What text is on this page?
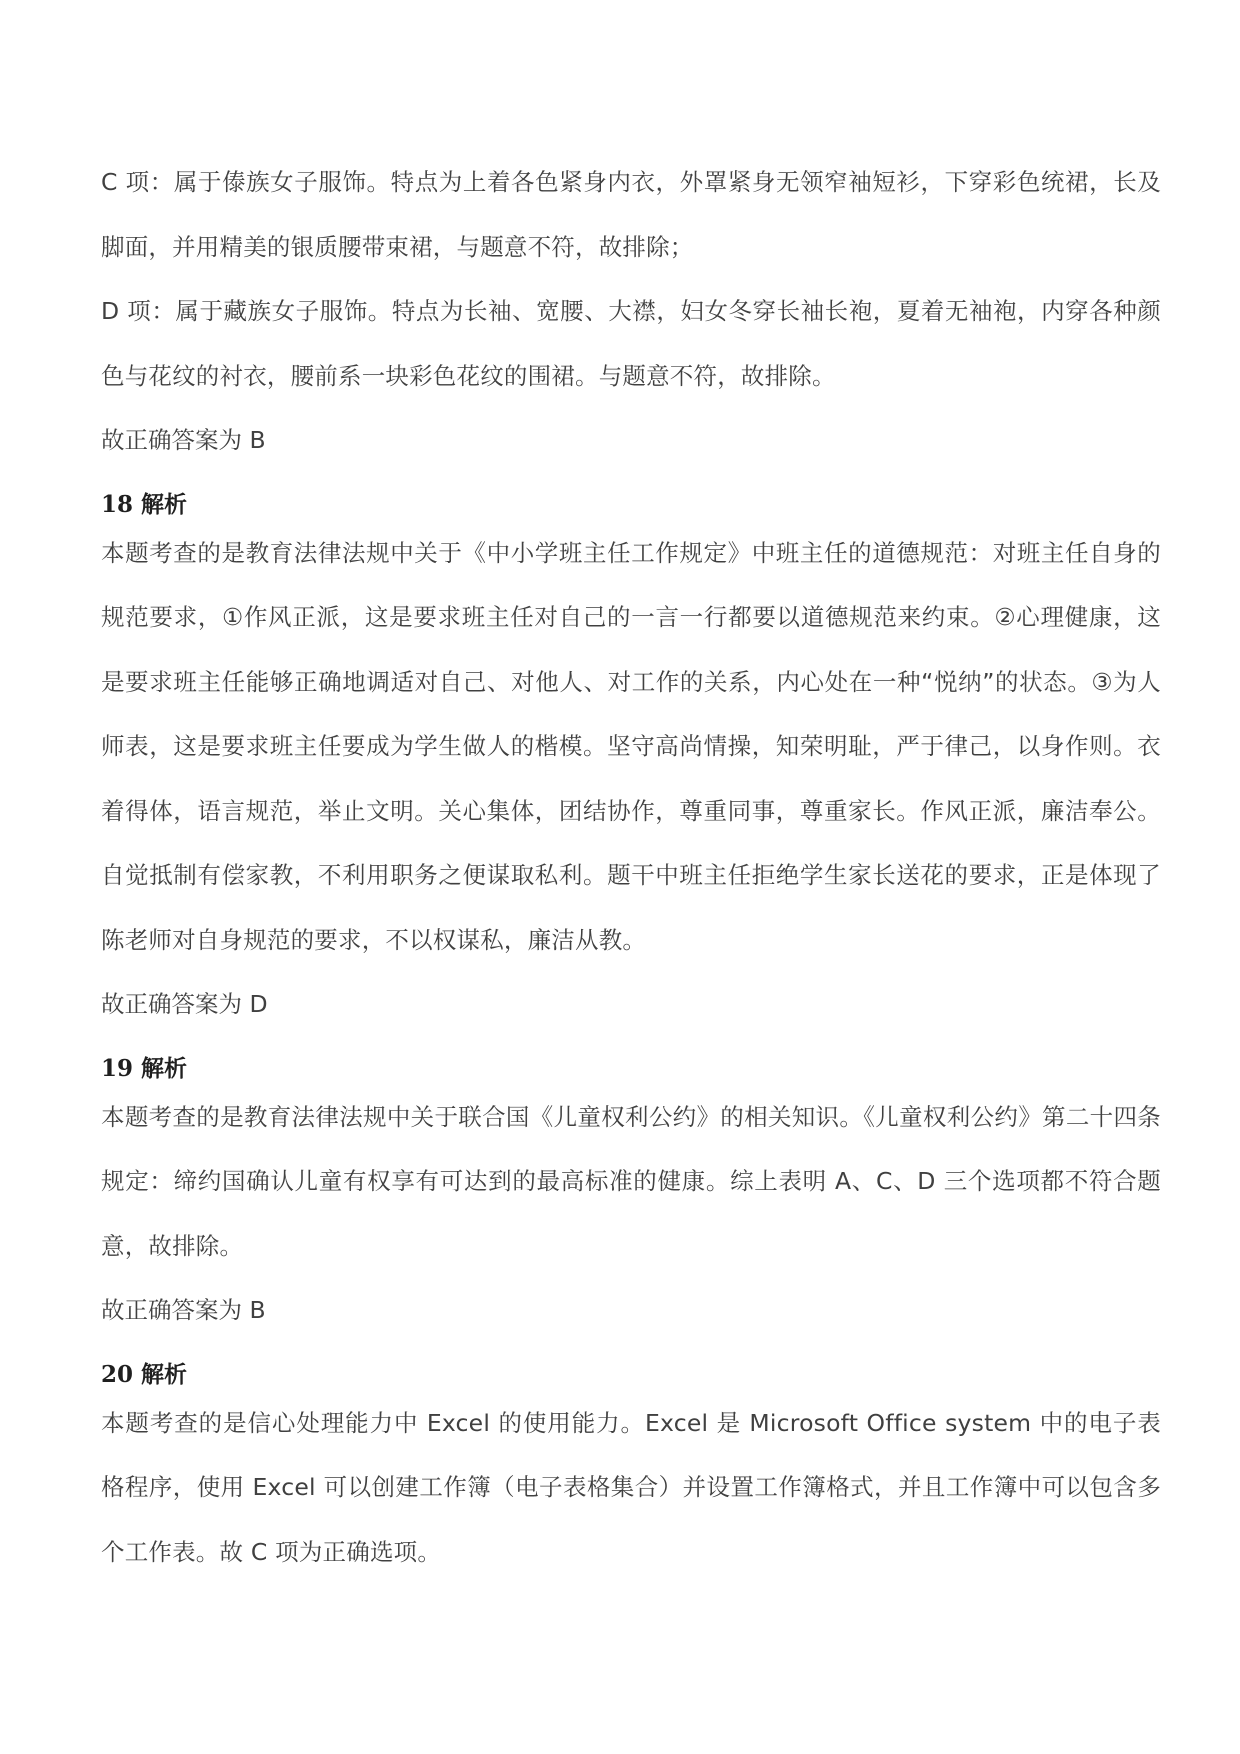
C 项：属于傣族女子服饰。特点为上着各色紧身内衣，外罩紧身无领窄袖短衫，下穿彩色统裙，长及脚面，并用精美的银质腰带束裙，与题意不符，故排除；

D 项：属于藏族女子服饰。特点为长袖、宽腰、大襟，妇女冬穿长袖长袍，夏着无袖袍，内穿各种颜色与花纹的衬衣，腰前系一块彩色花纹的围裙。与题意不符，故排除。

故正确答案为 B

18 解析

本题考查的是教育法律法规中关于《中小学班主任工作规定》中班主任的道德规范：对班主任自身的规范要求，①作风正派，这是要求班主任对自己的一言一行都要以道德规范来约束。②心理健康，这是要求班主任能够正确地调适对自己、对他人、对工作的关系，内心处在一种“悦纳”的状态。③为人师表，这是要求班主任要成为学生做人的楷模。坚守高尚情操，知荣明耻，严于律己，以身作则。衣着得体，语言规范，举止文明。关心集体，团结协作，尊重同事，尊重家长。作风正派，廉洁奉公。自觉抵制有偿家教，不利用职务之便谋取私利。题干中班主任拒绝学生家长送花的要求，正是体现了陈老师对自身规范的要求，不以权谋私，廉洁从教。

故正确答案为 D

19 解析

本题考查的是教育法律法规中关于联合国《儿童权利公约》的相关知识。《儿童权利公约》第二十四条规定：缔约国确认儿童有权享有可达到的最高标准的健康。综上表明 A、C、D 三个选项都不符合题意，故排除。

故正确答案为 B

20 解析

本题考查的是信心处理能力中 Excel 的使用能力。Excel 是 Microsoft Office system 中的电子表格程序，使用 Excel 可以创建工作簿（电子表格集合）并设置工作簿格式，并且工作簿中可以包含多个工作表。故 C 项为正确选项。
